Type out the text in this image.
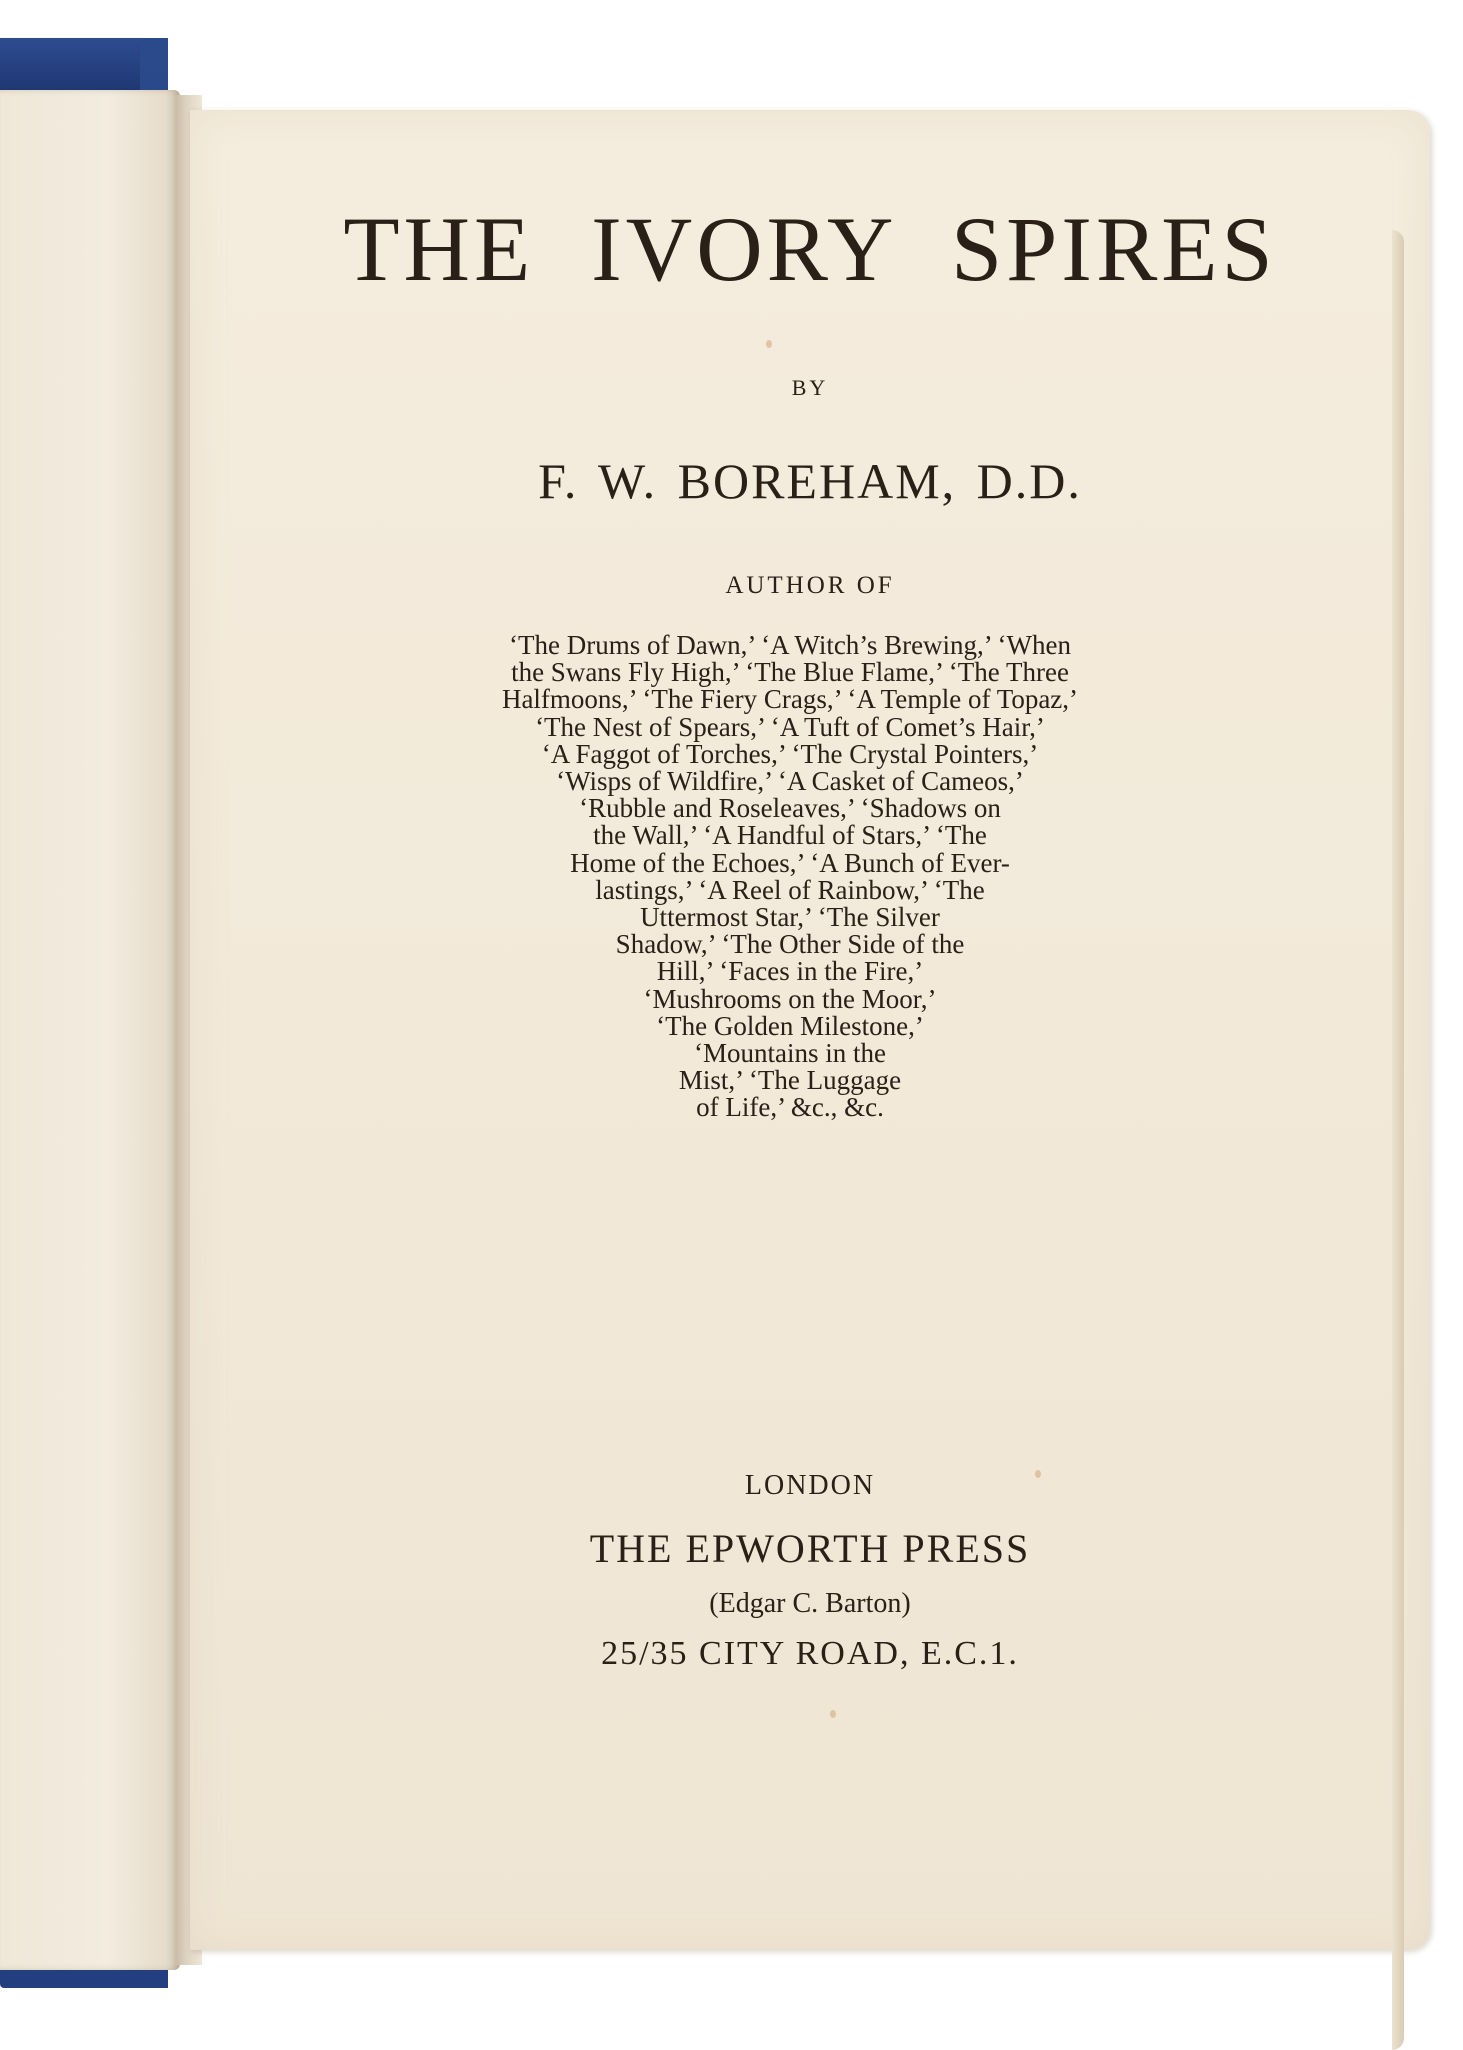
THE IVORY SPIRES
BY
F. W. BOREHAM, D.D.
AUTHOR OF
‘The Drums of Dawn,’ ‘A Witch’s Brewing,’ ‘When
the Swans Fly High,’ ‘The Blue Flame,’ ‘The Three
Halfmoons,’ ‘The Fiery Crags,’ ‘A Temple of Topaz,’
‘The Nest of Spears,’ ‘A Tuft of Comet’s Hair,’
‘A Faggot of Torches,’ ‘The Crystal Pointers,’
‘Wisps of Wildfire,’ ‘A Casket of Cameos,’
‘Rubble and Roseleaves,’ ‘Shadows on
the Wall,’ ‘A Handful of Stars,’ ‘The
Home of the Echoes,’ ‘A Bunch of Ever-
lastings,’ ‘A Reel of Rainbow,’ ‘The
Uttermost Star,’ ‘The Silver
Shadow,’ ‘The Other Side of the
Hill,’ ‘Faces in the Fire,’
‘Mushrooms on the Moor,’
‘The Golden Milestone,’
‘Mountains in the
Mist,’ ‘The Luggage
of Life,’ &c., &c.
LONDON
THE EPWORTH PRESS
(Edgar C. Barton)
25/35 CITY ROAD, E.C.1.
